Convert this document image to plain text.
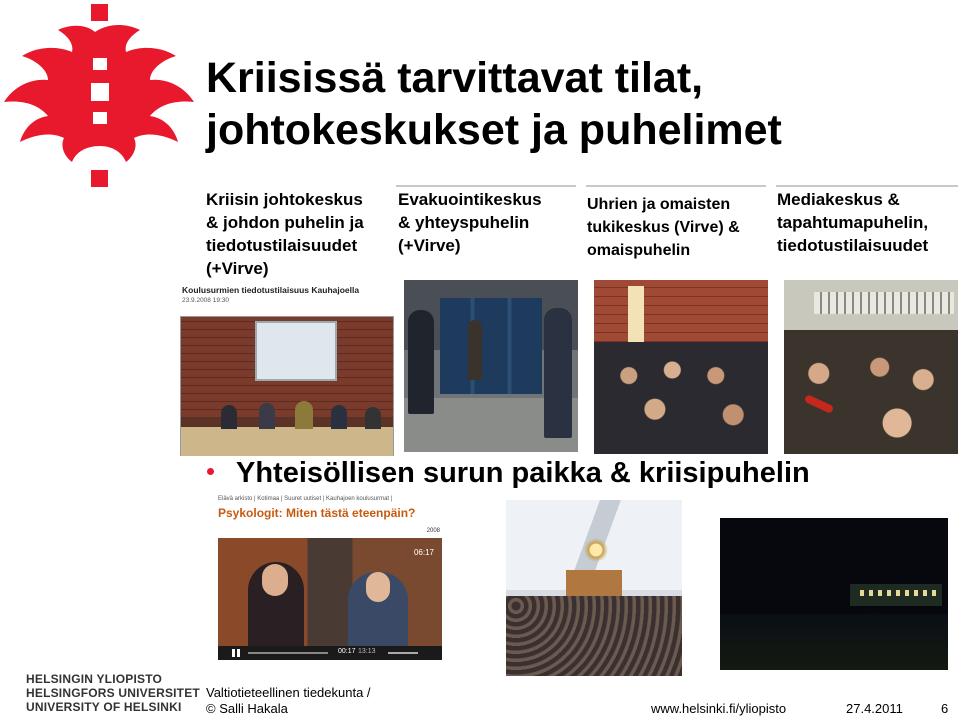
Kriisissä tarvittavat tilat,
johtokeskukset ja puhelimet
Kriisin johtokeskus
& johdon puhelin ja
tiedotustilaisuudet
(+Virve)
Evakuointikeskus
& yhteyspuhelin
(+Virve)
Uhrien ja omaisten
tukikeskus (Virve) &
omaispuhelin
Mediakeskus &
tapahtumapuhelin,
tiedotustilaisuudet
Koulusurmien tiedotustilaisuus Kauhajoella
23.9.2008 19:30
Yhteisöllisen surun paikka & kriisipuhelin
Elävä arkisto | Kotimaa | Suuret uutiset | Kauhajoen koulusurmat |
Psykologit: Miten tästä eteenpäin?
2008
06:17
00:17 13:13
HELSINGIN YLIOPISTO
HELSINGFORS UNIVERSITET
UNIVERSITY OF HELSINKI
Valtiotieteellinen tiedekunta /
© Salli Hakala	www.helsinki.fi/yliopisto	27.4.2011	6
